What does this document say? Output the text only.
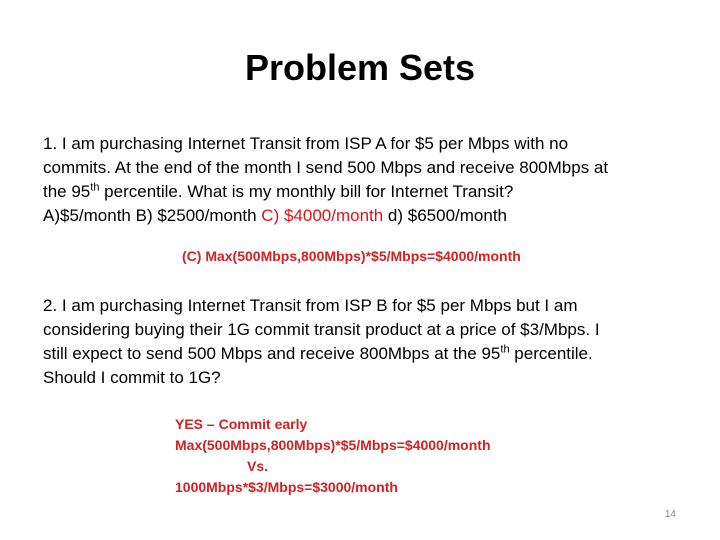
Problem Sets
1. I am purchasing Internet Transit from ISP A for $5 per Mbps with no
commits. At the end of the month I send 500 Mbps and receive 800Mbps at
the 95th percentile. What is my monthly bill for Internet Transit?
A)$5/month B) $2500/month C) $4000/month d) $6500/month
(C) Max(500Mbps,800Mbps)*$5/Mbps=$4000/month
2. I am purchasing Internet Transit from ISP B for $5 per Mbps but I am
considering buying their 1G commit transit product at a price of $3/Mbps. I
still expect to send 500 Mbps and receive 800Mbps at the 95th percentile.
Should I commit to 1G?
YES – Commit early
Max(500Mbps,800Mbps)*$5/Mbps=$4000/month
Vs.
1000Mbps*$3/Mbps=$3000/month
14
